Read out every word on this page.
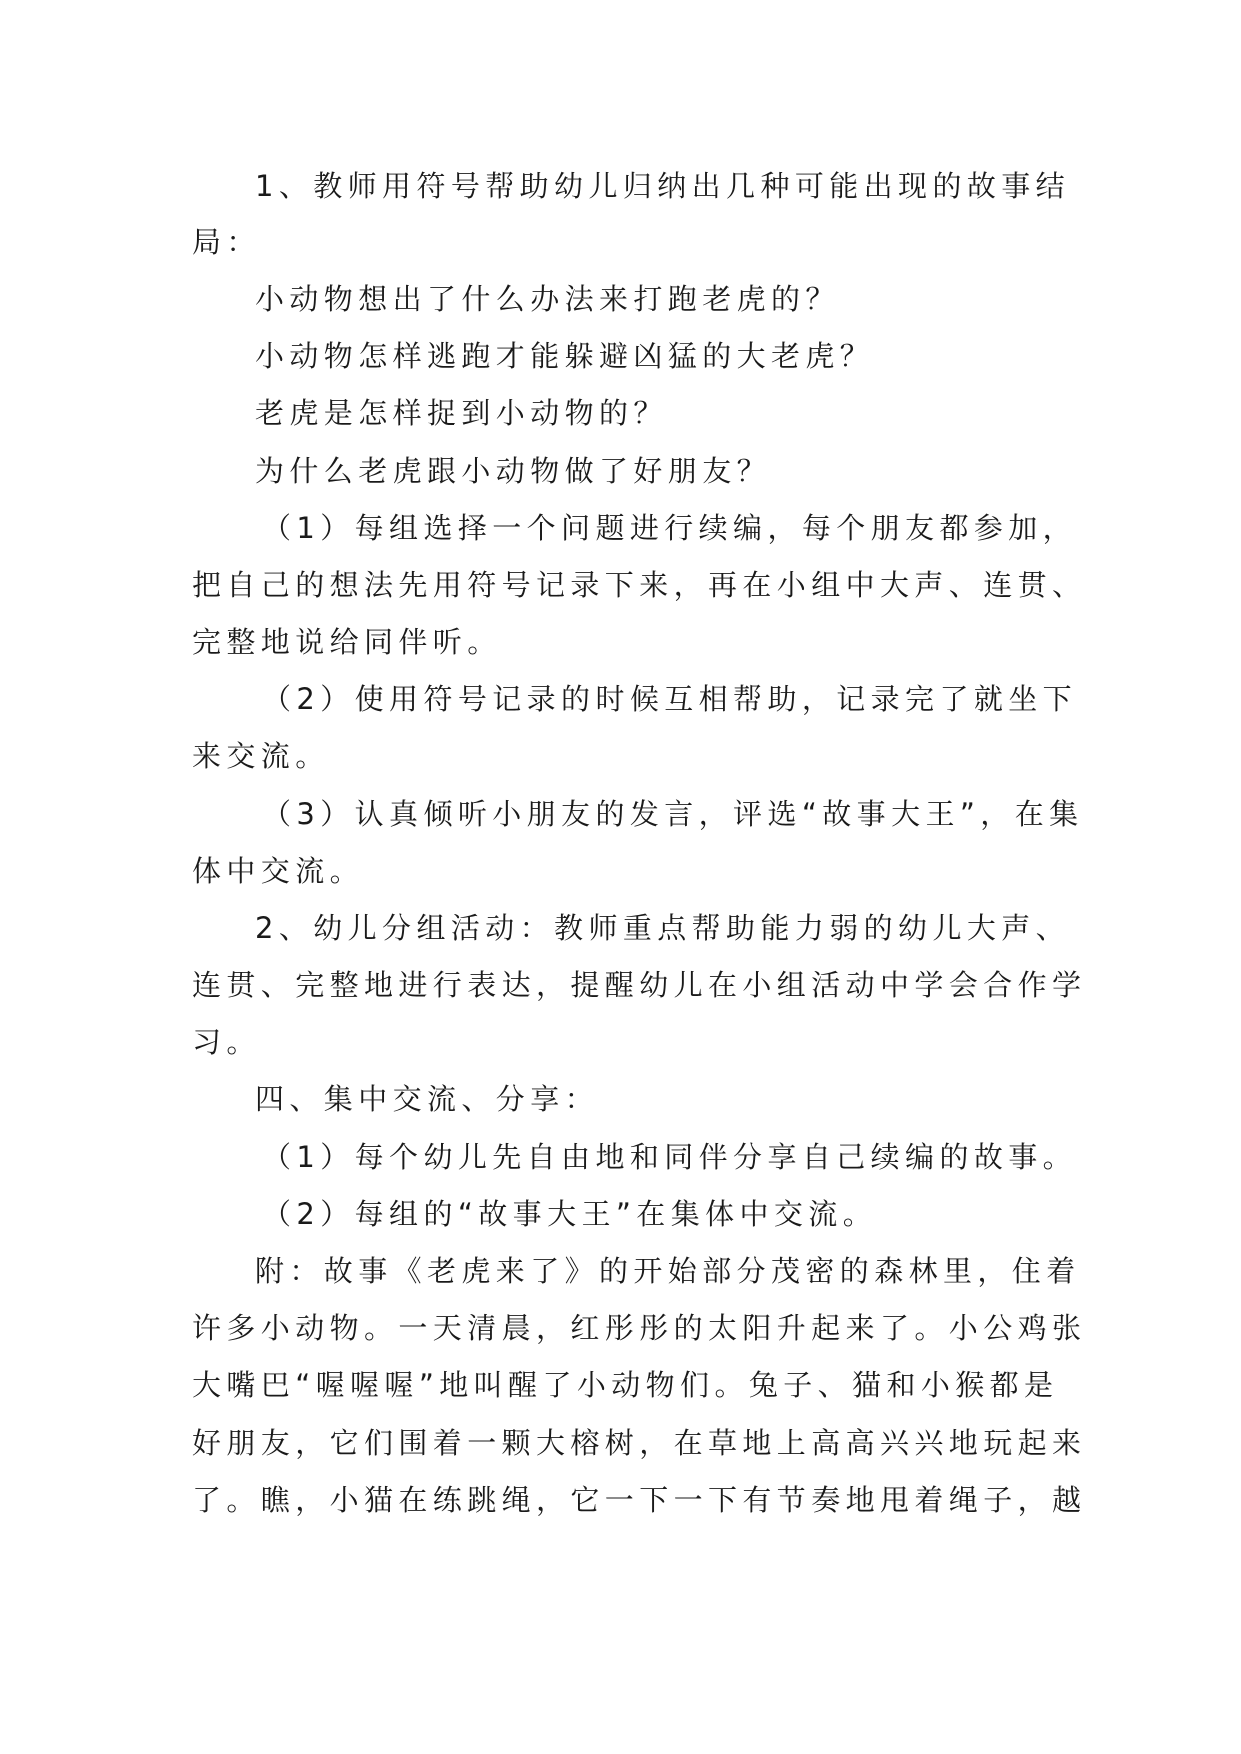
1、教师用符号帮助幼儿归纳出几种可能出现的故事结
局：
小动物想出了什么办法来打跑老虎的？
小动物怎样逃跑才能躲避凶猛的大老虎？
老虎是怎样捉到小动物的？
为什么老虎跟小动物做了好朋友？
（1）每组选择一个问题进行续编，每个朋友都参加，
把自己的想法先用符号记录下来，再在小组中大声、连贯、
完整地说给同伴听。
（2）使用符号记录的时候互相帮助，记录完了就坐下
来交流。
（3）认真倾听小朋友的发言，评选“故事大王”，在集
体中交流。
2、幼儿分组活动：教师重点帮助能力弱的幼儿大声、
连贯、完整地进行表达，提醒幼儿在小组活动中学会合作学
习。
四、集中交流、分享：
（1）每个幼儿先自由地和同伴分享自己续编的故事。
（2）每组的“故事大王”在集体中交流。
附：故事《老虎来了》的开始部分茂密的森林里，住着
许多小动物。一天清晨，红彤彤的太阳升起来了。小公鸡张
大嘴巴“喔喔喔”地叫醒了小动物们。兔子、猫和小猴都是
好朋友，它们围着一颗大榕树，在草地上高高兴兴地玩起来
了。瞧，小猫在练跳绳，它一下一下有节奏地甩着绳子，越
